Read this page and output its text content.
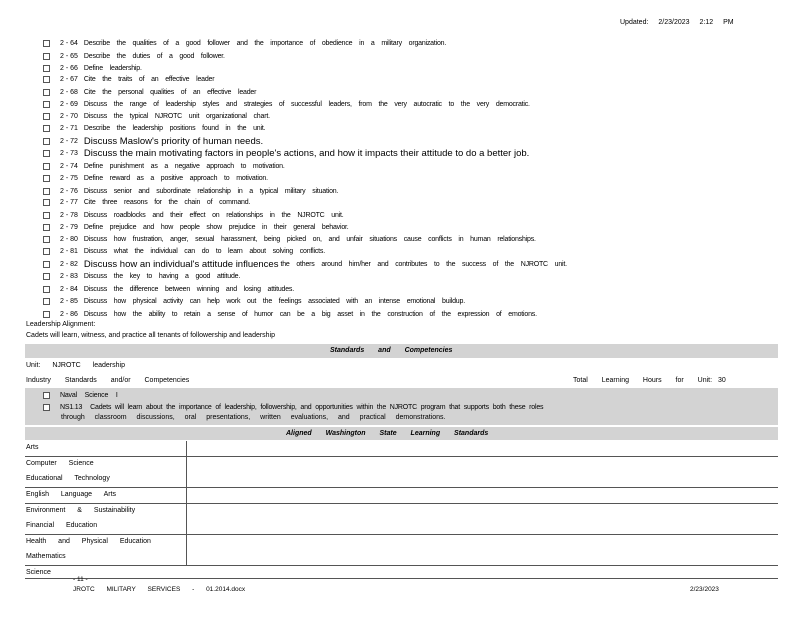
Updated: 2/23/2023 2:12 PM
2 - 64 Describe the qualities of a good follower and the importance of obedience in a military organization.
2 - 65 Describe the duties of a good follower.
2 - 66 Define leadership.
2 - 67 Cite the traits of an effective leader
2 - 68 Cite the personal qualities of an effective leader
2 - 69 Discuss the range of leadership styles and strategies of successful leaders, from the very autocratic to the very democratic.
2 - 70 Discuss the typical NJROTC unit organizational chart.
2 - 71 Describe the leadership positions found in the unit.
2 - 72 Discuss Maslow's priority of human needs.
2 - 73 Discuss the main motivating factors in people's actions, and how it impacts their attitude to do a better job.
2 - 74 Define punishment as a negative approach to motivation.
2 - 75 Define reward as a positive approach to motivation.
2 - 76 Discuss senior and subordinate relationship in a typical military situation.
2 - 77 Cite three reasons for the chain of command.
2 - 78 Discuss roadblocks and their effect on relationships in the NJROTC unit.
2 - 79 Define prejudice and how people show prejudice in their general behavior.
2 - 80 Discuss how frustration, anger, sexual harassment, being picked on, and unfair situations cause conflicts in human relationships.
2 - 81 Discuss what the individual can do to learn about solving conflicts.
2 - 82 Discuss how an individual's attitude influences the others around him/her and contributes to the success of the NJROTC unit.
2 - 83 Discuss the key to having a good attitude.
2 - 84 Discuss the difference between winning and losing attitudes.
2 - 85 Discuss how physical activity can help work out the feelings associated with an intense emotional buildup.
2 - 86 Discuss how the ability to retain a sense of humor can be a big asset in the construction of the expression of emotions.
Leadership Alignment:
Cadets will learn, witness, and practice all tenants of followership and leadership
Standards and Competencies
Unit: NJROTC leadership
Industry Standards and/or Competencies	Total Learning Hours for Unit: 30
Naval Science I
NS1.13 Cadets will learn about the importance of leadership, followership, and opportunities within the NJROTC program that supports both these roles
through classroom discussions, oral presentations, written evaluations, and practical demonstrations.
Aligned Washington State Learning Standards
Arts
Computer Science
Educational Technology
English Language Arts
Environment & Sustainability
Financial Education
Health and Physical Education
Mathematics
Science
- 11 -
JROTC MILITARY SERVICES - 01.2014.docx	2/23/2023
